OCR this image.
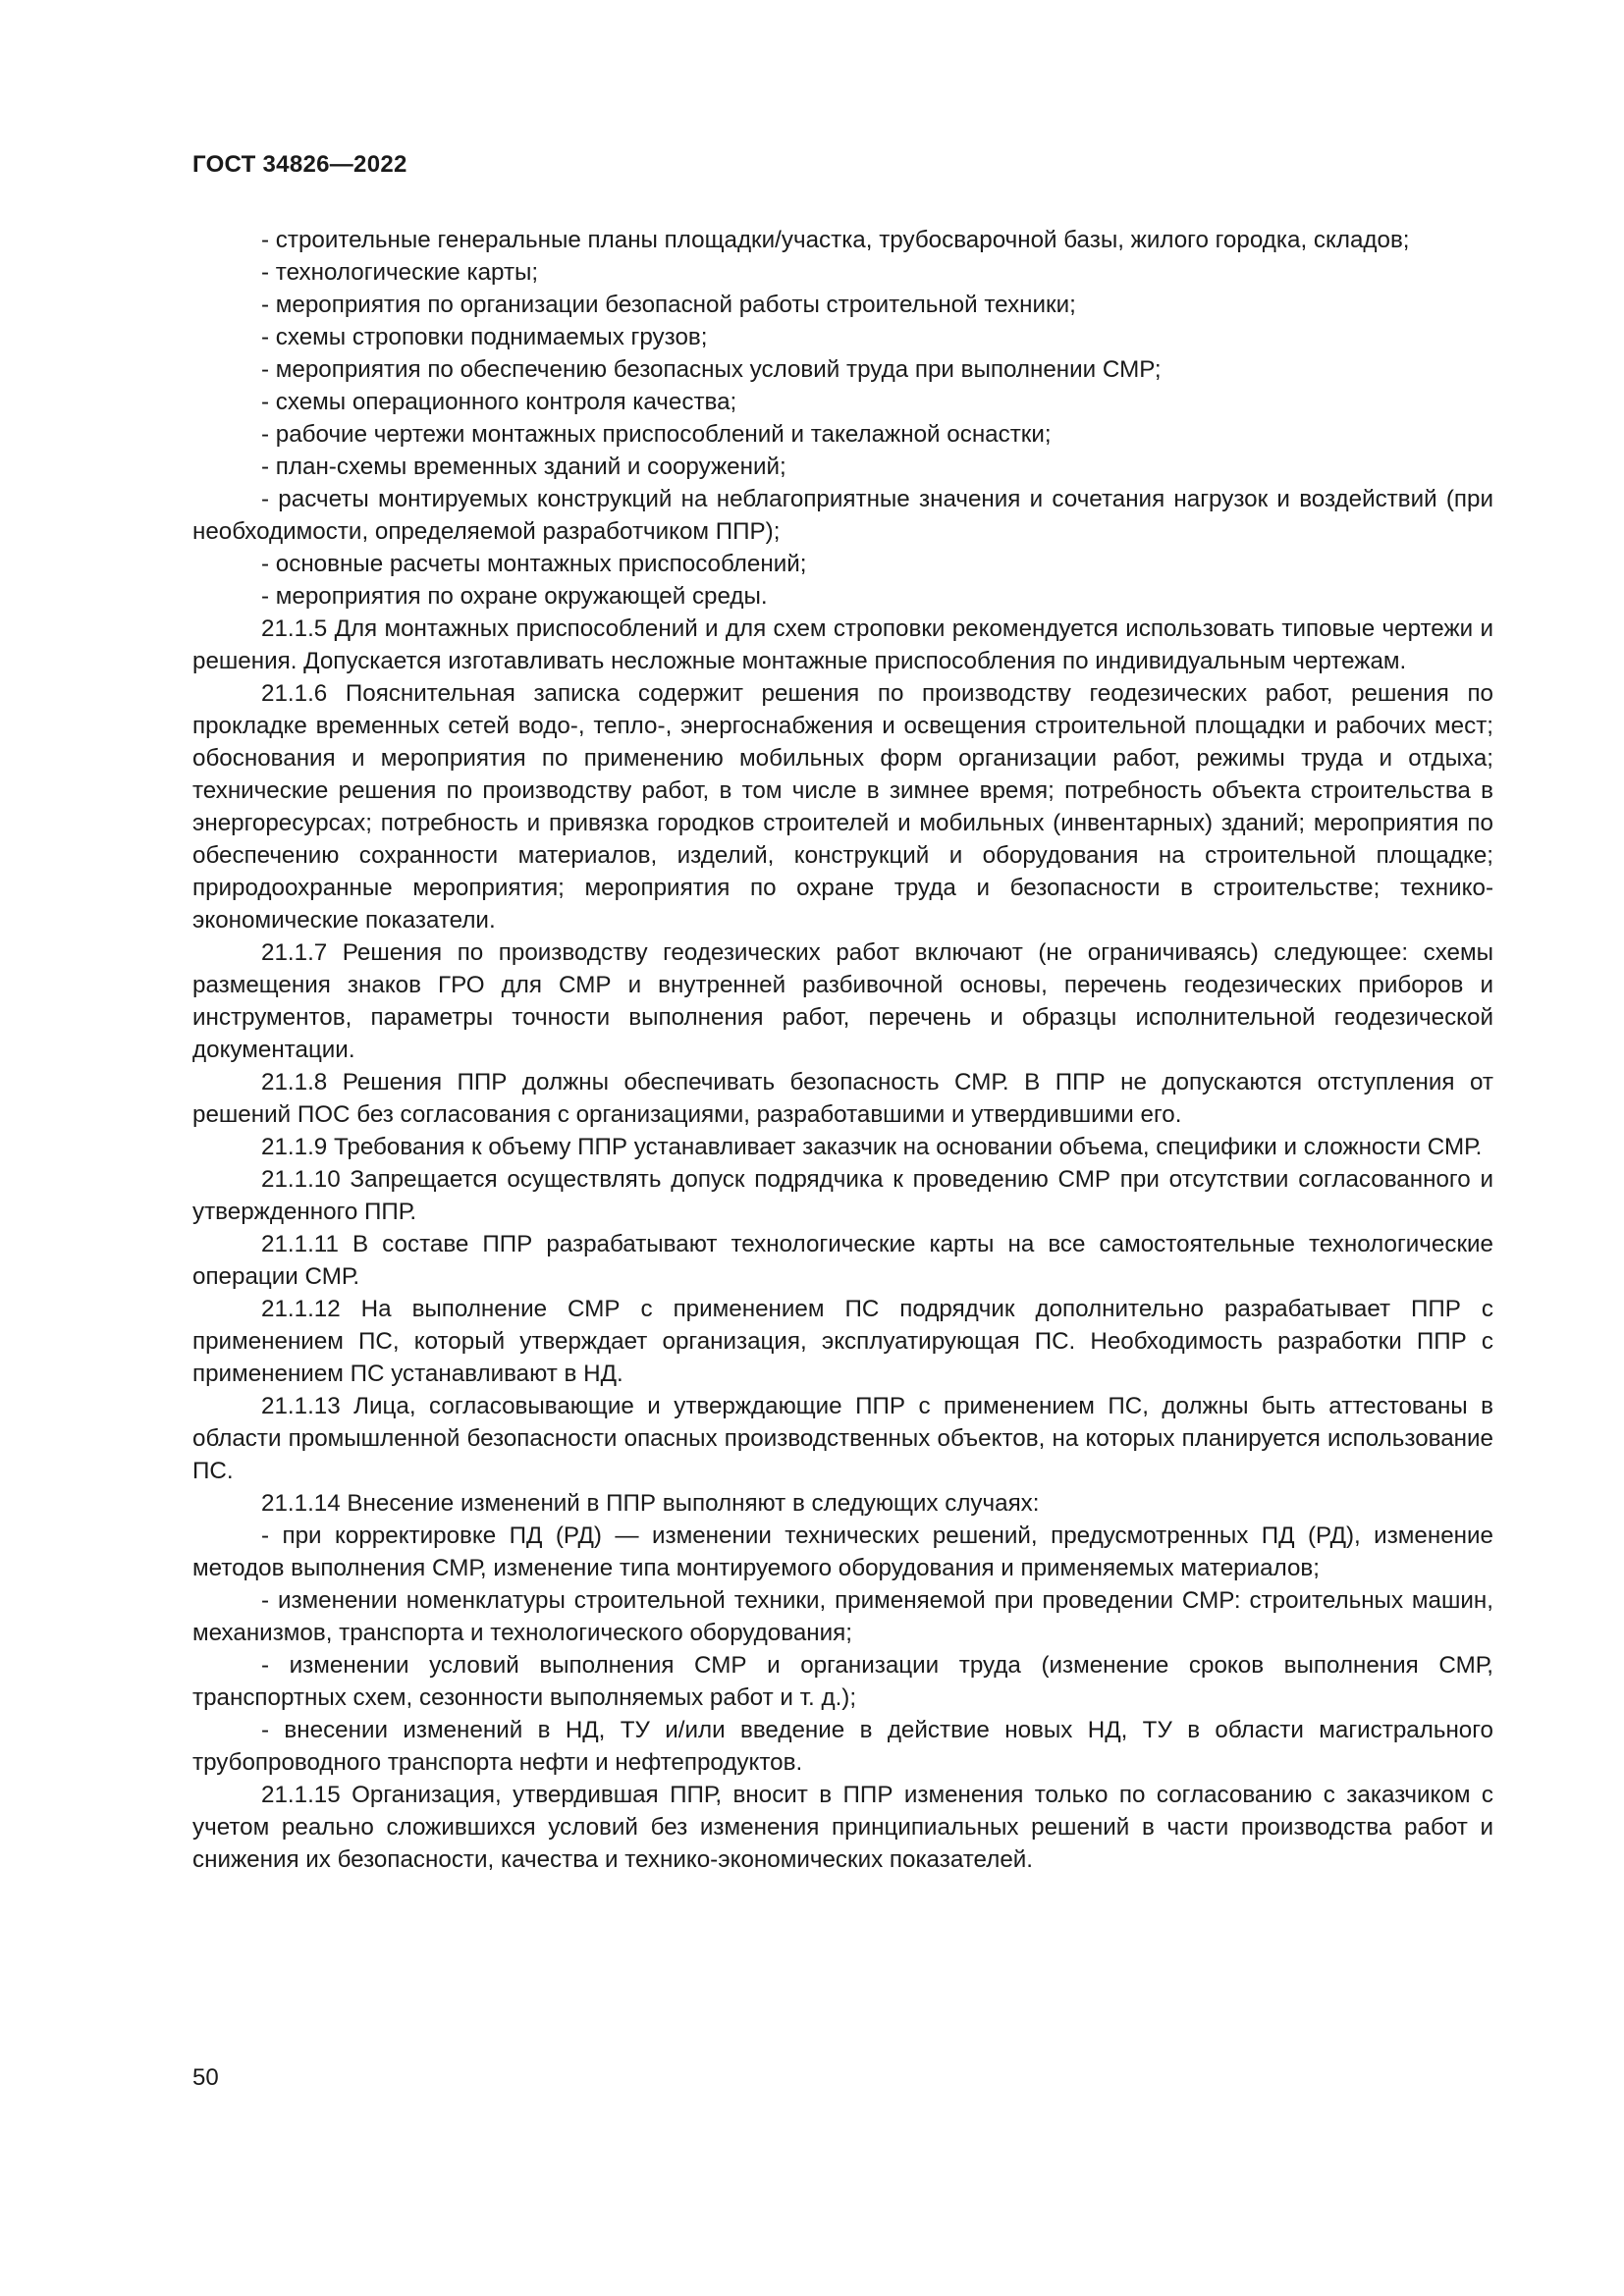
ГОСТ 34826—2022

- строительные генеральные планы площадки/участка, трубосварочной базы, жилого городка, складов;

- технологические карты;

- мероприятия по организации безопасной работы строительной техники;

- схемы строповки поднимаемых грузов;

- мероприятия по обеспечению безопасных условий труда при выполнении СМР;

- схемы операционного контроля качества;

- рабочие чертежи монтажных приспособлений и такелажной оснастки;

- план-схемы временных зданий и сооружений;

- расчеты монтируемых конструкций на неблагоприятные значения и сочетания нагрузок и воздействий (при необходимости, определяемой разработчиком ППР);

- основные расчеты монтажных приспособлений;

- мероприятия по охране окружающей среды.

21.1.5 Для монтажных приспособлений и для схем строповки рекомендуется использовать типовые чертежи и решения. Допускается изготавливать несложные монтажные приспособления по индивидуальным чертежам.

21.1.6 Пояснительная записка содержит решения по производству геодезических работ, решения по прокладке временных сетей водо-, тепло-, энергоснабжения и освещения строительной площадки и рабочих мест; обоснования и мероприятия по применению мобильных форм организации работ, режимы труда и отдыха; технические решения по производству работ, в том числе в зимнее время; потребность объекта строительства в энергоресурсах; потребность и привязка городков строителей и мобильных (инвентарных) зданий; мероприятия по обеспечению сохранности материалов, изделий, конструкций и оборудования на строительной площадке; природоохранные мероприятия; мероприятия по охране труда и безопасности в строительстве; технико-экономические показатели.

21.1.7 Решения по производству геодезических работ включают (не ограничиваясь) следующее: схемы размещения знаков ГРО для СМР и внутренней разбивочной основы, перечень геодезических приборов и инструментов, параметры точности выполнения работ, перечень и образцы исполнительной геодезической документации.

21.1.8 Решения ППР должны обеспечивать безопасность СМР. В ППР не допускаются отступления от решений ПОС без согласования с организациями, разработавшими и утвердившими его.

21.1.9 Требования к объему ППР устанавливает заказчик на основании объема, специфики и сложности СМР.

21.1.10 Запрещается осуществлять допуск подрядчика к проведению СМР при отсутствии согласованного и утвержденного ППР.

21.1.11 В составе ППР разрабатывают технологические карты на все самостоятельные технологические операции СМР.

21.1.12 На выполнение СМР с применением ПС подрядчик дополнительно разрабатывает ППР с применением ПС, который утверждает организация, эксплуатирующая ПС. Необходимость разработки ППР с применением ПС устанавливают в НД.

21.1.13 Лица, согласовывающие и утверждающие ППР с применением ПС, должны быть аттестованы в области промышленной безопасности опасных производственных объектов, на которых планируется использование ПС.

21.1.14 Внесение изменений в ППР выполняют в следующих случаях:

- при корректировке ПД (РД) — изменении технических решений, предусмотренных ПД (РД), изменение методов выполнения СМР, изменение типа монтируемого оборудования и применяемых материалов;

- изменении номенклатуры строительной техники, применяемой при проведении СМР: строительных машин, механизмов, транспорта и технологического оборудования;

- изменении условий выполнения СМР и организации труда (изменение сроков выполнения СМР, транспортных схем, сезонности выполняемых работ и т. д.);

- внесении изменений в НД, ТУ и/или введение в действие новых НД, ТУ в области магистрального трубопроводного транспорта нефти и нефтепродуктов.

21.1.15 Организация, утвердившая ППР, вносит в ППР изменения только по согласованию с заказчиком с учетом реально сложившихся условий без изменения принципиальных решений в части производства работ и снижения их безопасности, качества и технико-экономических показателей.

50
